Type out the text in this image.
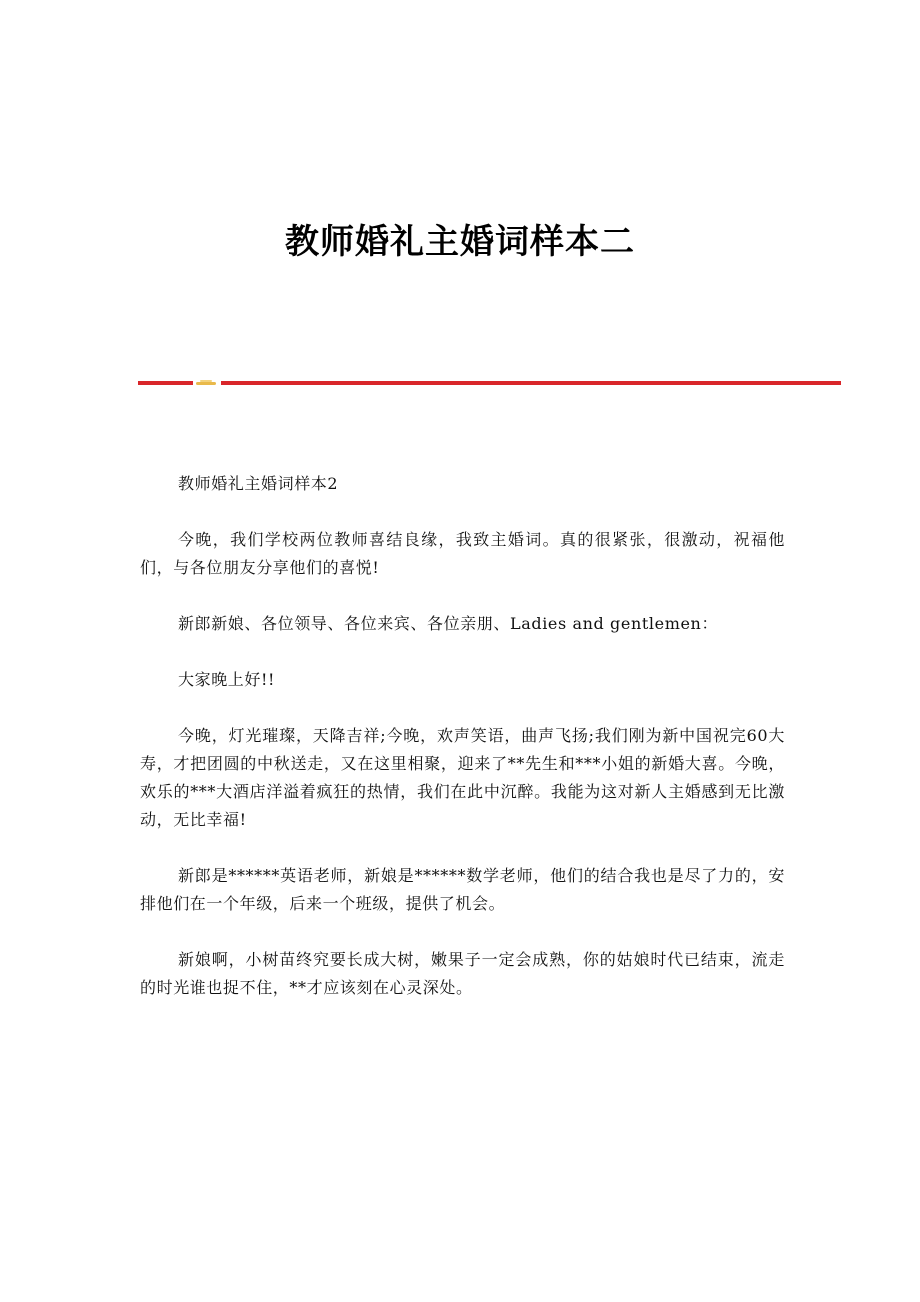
教师婚礼主婚词样本二

教师婚礼主婚词样本2

今晚，我们学校两位教师喜结良缘，我致主婚词。真的很紧张，很激动，祝福他们，与各位朋友分享他们的喜悦!

新郎新娘、各位领导、各位来宾、各位亲朋、Ladies and gentlemen：

大家晚上好!!

今晚，灯光璀璨，天降吉祥;今晚，欢声笑语，曲声飞扬;我们刚为新中国祝完60大寿，才把团圆的中秋送走，又在这里相聚，迎来了**先生和***小姐的新婚大喜。今晚，欢乐的***大酒店洋溢着疯狂的热情，我们在此中沉醉。我能为这对新人主婚感到无比激动，无比幸福!

新郎是******英语老师，新娘是******数学老师，他们的结合我也是尽了力的，安排他们在一个年级，后来一个班级，提供了机会。

新娘啊，小树苗终究要长成大树，嫩果子一定会成熟，你的姑娘时代已结束，流走的时光谁也捉不住，**才应该刻在心灵深处。
